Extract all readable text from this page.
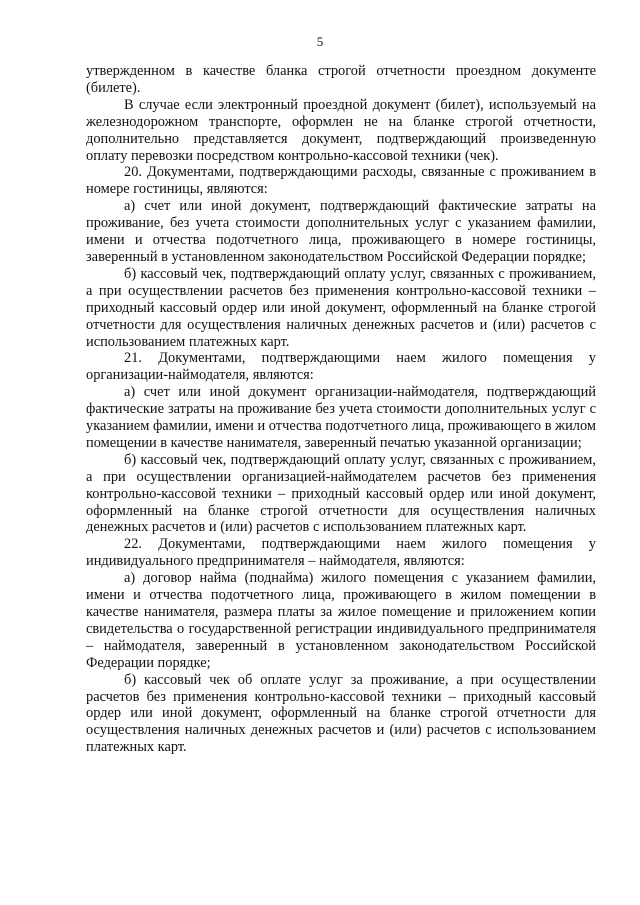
5

утвержденном в качестве бланка строгой отчетности проездном документе (билете).

В случае если электронный проездной документ (билет), используемый на железнодорожном транспорте, оформлен не на бланке строгой отчетности, дополнительно представляется документ, подтверждающий произведенную оплату перевозки посредством контрольно-кассовой техники (чек).

20. Документами, подтверждающими расходы, связанные с проживанием в номере гостиницы, являются:

а) счет или иной документ, подтверждающий фактические затраты на проживание, без учета стоимости дополнительных услуг с указанием фамилии, имени и отчества подотчетного лица, проживающего в номере гостиницы, заверенный в установленном законодательством Российской Федерации порядке;

б) кассовый чек, подтверждающий оплату услуг, связанных с проживанием, а при осуществлении расчетов без применения контрольно-кассовой техники – приходный кассовый ордер или иной документ, оформленный на бланке строгой отчетности для осуществления наличных денежных расчетов и (или) расчетов с использованием платежных карт.

21. Документами, подтверждающими наем жилого помещения у организации-наймодателя, являются:

а) счет или иной документ организации-наймодателя, подтверждающий фактические затраты на проживание без учета стоимости дополнительных услуг с указанием фамилии, имени и отчества подотчетного лица, проживающего в жилом помещении в качестве нанимателя, заверенный печатью указанной организации;

б) кассовый чек, подтверждающий оплату услуг, связанных с проживанием, а при осуществлении организацией-наймодателем расчетов без применения контрольно-кассовой техники – приходный кассовый ордер или иной документ, оформленный на бланке строгой отчетности для осуществления наличных денежных расчетов и (или) расчетов с использованием платежных карт.

22. Документами, подтверждающими наем жилого помещения у индивидуального предпринимателя – наймодателя, являются:

а) договор найма (поднайма) жилого помещения с указанием фамилии, имени и отчества подотчетного лица, проживающего в жилом помещении в качестве нанимателя, размера платы за жилое помещение и приложением копии свидетельства о государственной регистрации индивидуального предпринимателя – наймодателя, заверенный в установленном законодательством Российской Федерации порядке;

б) кассовый чек об оплате услуг за проживание, а при осуществлении расчетов без применения контрольно-кассовой техники – приходный кассовый ордер или иной документ, оформленный на бланке строгой отчетности для осуществления наличных денежных расчетов и (или) расчетов с использованием платежных карт.
